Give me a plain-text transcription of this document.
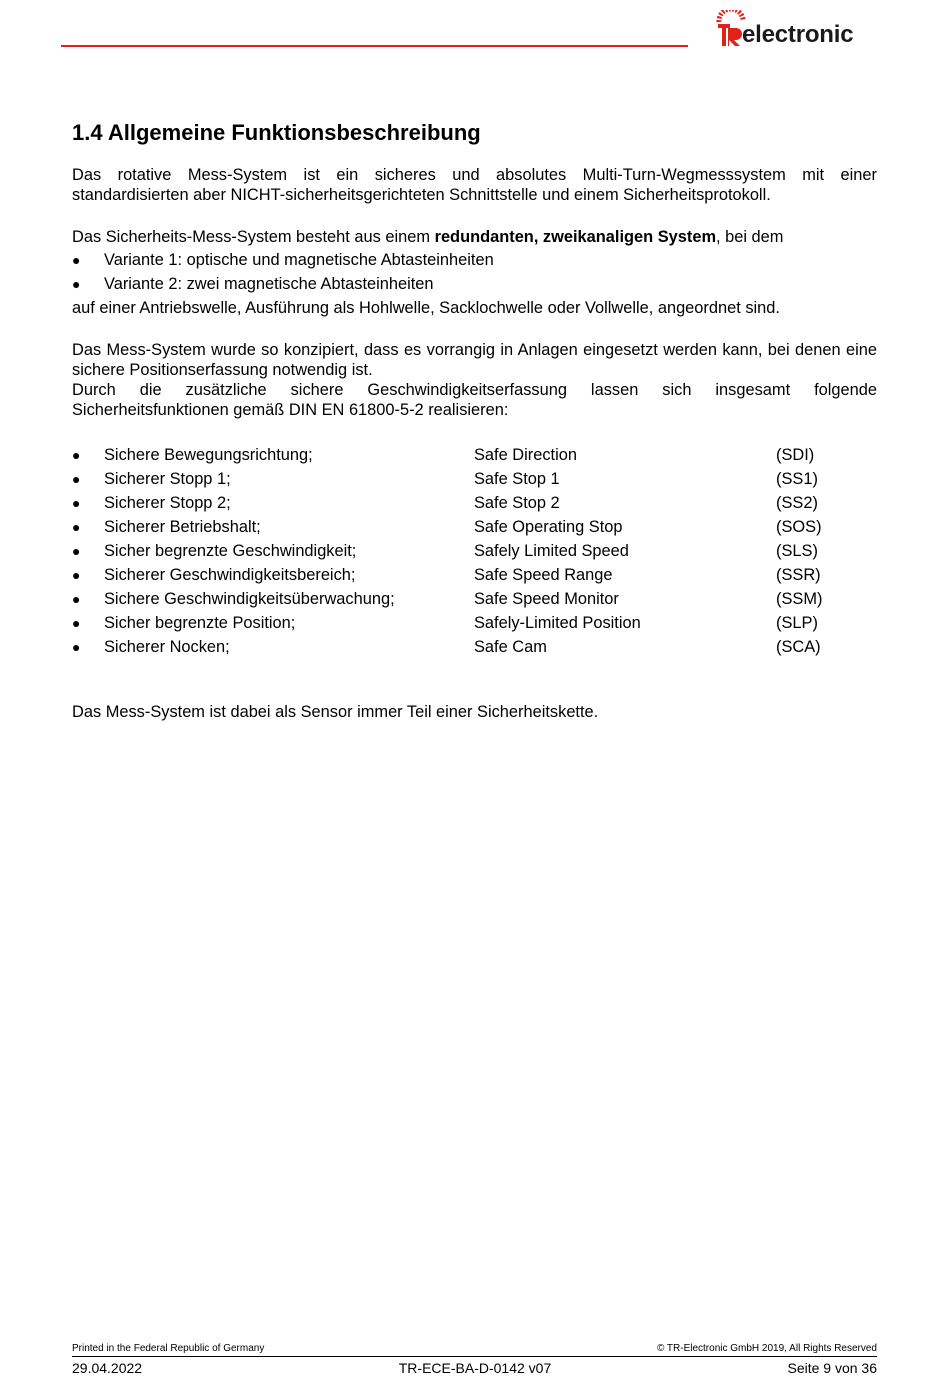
electronic
1.4 Allgemeine Funktionsbeschreibung

Das rotative Mess-System ist ein sicheres und absolutes Multi-Turn-Wegmesssystem mit einer standardisierten aber NICHT-sicherheitsgerichteten Schnittstelle und einem Sicherheitsprotokoll.

Das Sicherheits-Mess-System besteht aus einem redundanten, zweikanaligen System, bei dem

● Variante 1: optische und magnetische Abtasteinheiten
● Variante 2: zwei magnetische Abtasteinheiten

auf einer Antriebswelle, Ausführung als Hohlwelle, Sacklochwelle oder Vollwelle, angeordnet sind.

Das Mess-System wurde so konzipiert, dass es vorrangig in Anlagen eingesetzt werden kann, bei denen eine sichere Positionserfassung notwendig ist.

Durch die zusätzliche sichere Geschwindigkeitserfassung lassen sich insgesamt folgende Sicherheitsfunktionen gemäß DIN EN 61800-5-2 realisieren:

● Sichere Bewegungsrichtung;	Safe Direction	(SDI)
● Sicherer Stopp 1;	Safe Stop 1	(SS1)
● Sicherer Stopp 2;	Safe Stop 2	(SS2)
● Sicherer Betriebshalt;	Safe Operating Stop	(SOS)
● Sicher begrenzte Geschwindigkeit;	Safely Limited Speed	(SLS)
● Sicherer Geschwindigkeitsbereich;	Safe Speed Range	(SSR)
● Sichere Geschwindigkeitsüberwachung;	Safe Speed Monitor	(SSM)
● Sicher begrenzte Position;	Safely-Limited Position	(SLP)
● Sicherer Nocken;	Safe Cam	(SCA)

Das Mess-System ist dabei als Sensor immer Teil einer Sicherheitskette.

Printed in the Federal Republic of Germany	© TR-Electronic GmbH 2019, All Rights Reserved
29.04.2022	TR-ECE-BA-D-0142 v07	Seite 9 von 36
